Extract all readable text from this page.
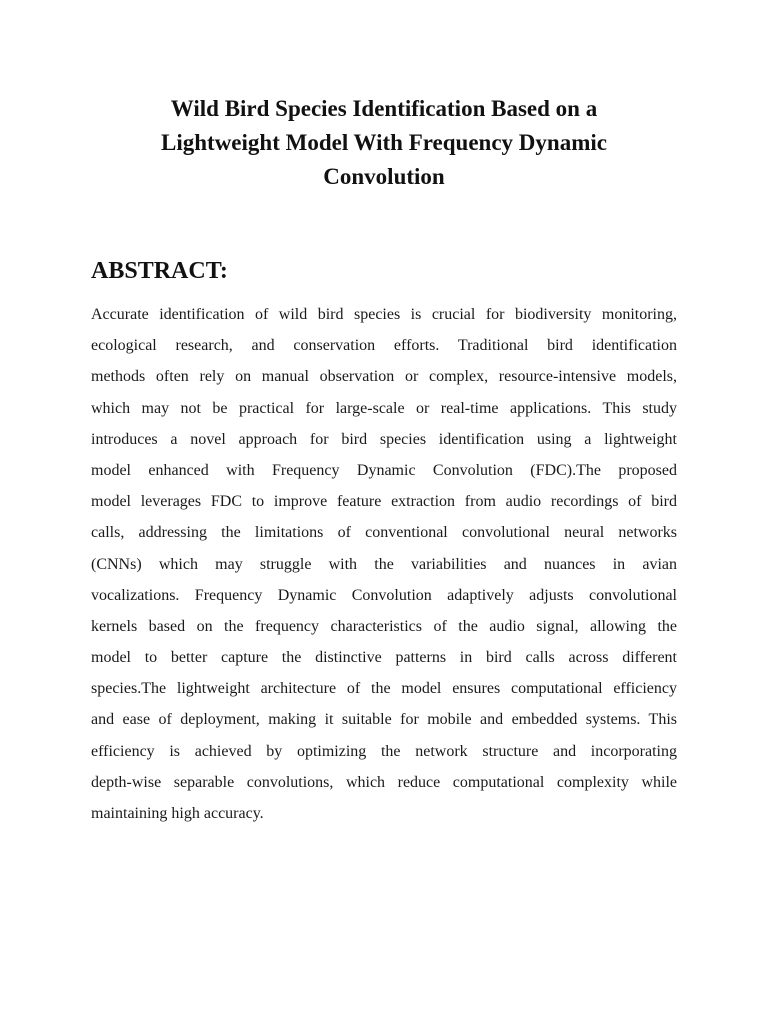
Wild Bird Species Identification Based on a
Lightweight Model With Frequency Dynamic
Convolution
ABSTRACT:
Accurate identification of wild bird species is crucial for biodiversity monitoring,
ecological research, and conservation efforts. Traditional bird identification
methods often rely on manual observation or complex, resource-intensive models,
which may not be practical for large-scale or real-time applications. This study
introduces a novel approach for bird species identification using a lightweight
model enhanced with Frequency Dynamic Convolution (FDC).The proposed
model leverages FDC to improve feature extraction from audio recordings of bird
calls, addressing the limitations of conventional convolutional neural networks
(CNNs) which may struggle with the variabilities and nuances in avian
vocalizations. Frequency Dynamic Convolution adaptively adjusts convolutional
kernels based on the frequency characteristics of the audio signal, allowing the
model to better capture the distinctive patterns in bird calls across different
species.The lightweight architecture of the model ensures computational efficiency
and ease of deployment, making it suitable for mobile and embedded systems. This
efficiency is achieved by optimizing the network structure and incorporating
depth-wise separable convolutions, which reduce computational complexity while
maintaining high accuracy.
